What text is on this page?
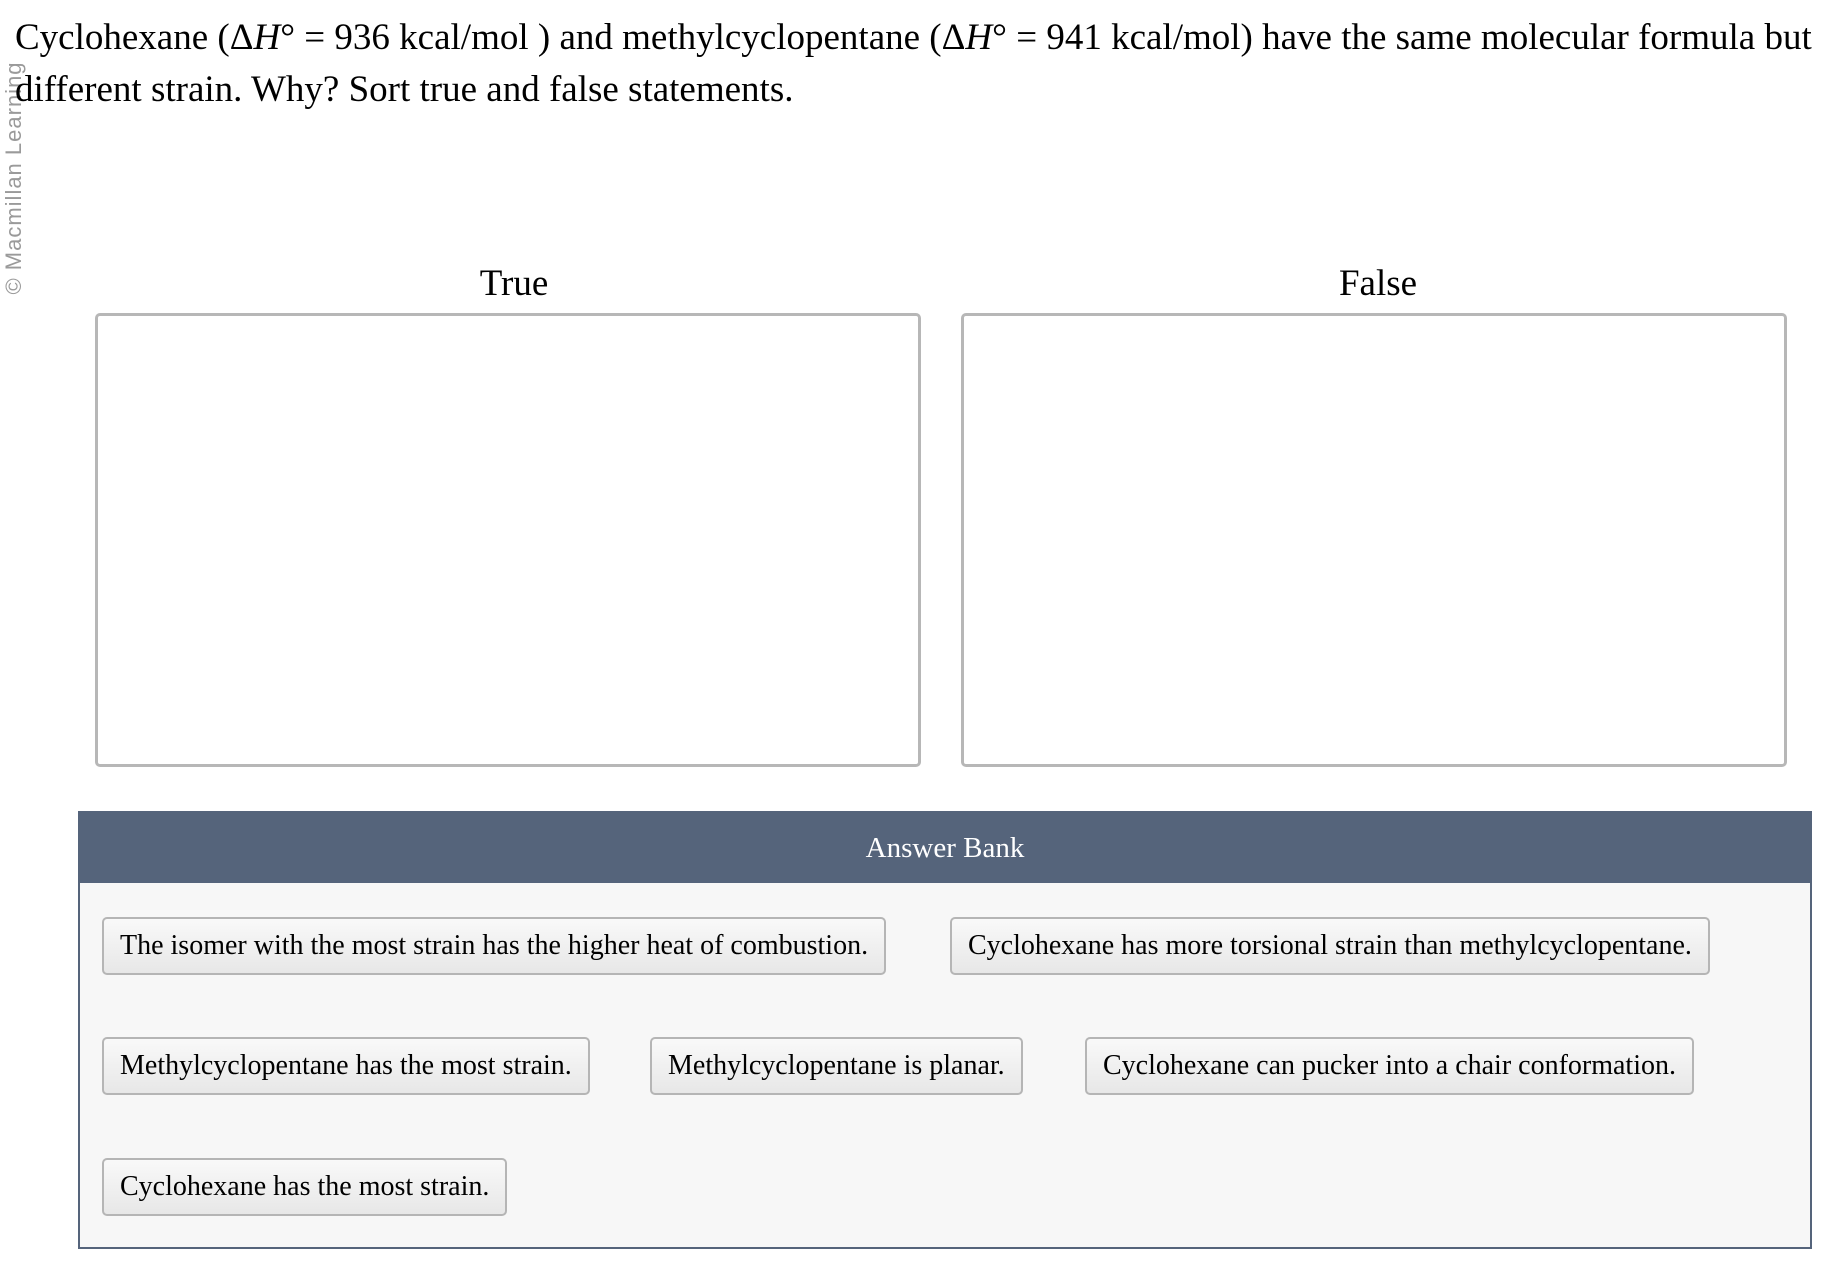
© Macmillan Learning

Cyclohexane (ΔH° = 936 kcal/mol ) and methylcyclopentane (ΔH° = 941 kcal/mol) have the same molecular formula but different strain. Why? Sort true and false statements.

True	False
Answer Bank
The isomer with the most strain has the higher heat of combustion.	Cyclohexane has more torsional strain than methylcyclopentane.
Methylcyclopentane has the most strain.	Methylcyclopentane is planar.	Cyclohexane can pucker into a chair conformation.
Cyclohexane has the most strain.
